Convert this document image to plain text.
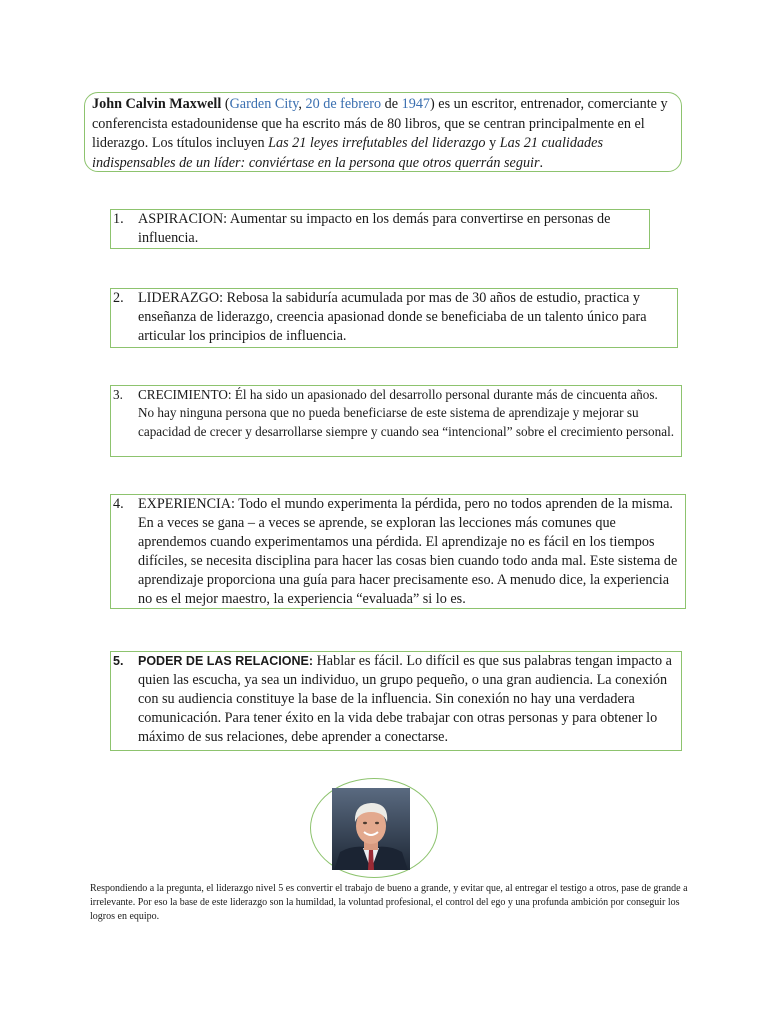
John Calvin Maxwell (Garden City, 20 de febrero de 1947) es un escritor, entrenador, comerciante y conferencista estadounidense que ha escrito más de 80 libros, que se centran principalmente en el liderazgo. Los títulos incluyen Las 21 leyes irrefutables del liderazgo y Las 21 cualidades indispensables de un líder: conviértase en la persona que otros querrán seguir.
1. ASPIRACION: Aumentar su impacto en los demás para convertirse en personas de influencia.
2. LIDERAZGO: Rebosa la sabiduría acumulada por mas de 30 años de estudio, practica y enseñanza de liderazgo, creencia apasionad donde se beneficiaba de un talento único para articular los principios de influencia.
3. CRECIMIENTO: Él ha sido un apasionado del desarrollo personal durante más de cincuenta años. No hay ninguna persona que no pueda beneficiarse de este sistema de aprendizaje y mejorar su capacidad de crecer y desarrollarse siempre y cuando sea “intencional” sobre el crecimiento personal.
4. EXPERIENCIA: Todo el mundo experimenta la pérdida, pero no todos aprenden de la misma. En a veces se gana – a veces se aprende, se exploran las lecciones más comunes que aprendemos cuando experimentamos una pérdida. El aprendizaje no es fácil en los tiempos difíciles, se necesita disciplina para hacer las cosas bien cuando todo anda mal. Este sistema de aprendizaje proporciona una guía para hacer precisamente eso. A menudo dice, la experiencia no es el mejor maestro, la experiencia “evaluada” si lo es.
5. PODER DE LAS RELACIONE: Hablar es fácil. Lo difícil es que sus palabras tengan impacto a quien las escucha, ya sea un individuo, un grupo pequeño, o una gran audiencia. La conexión con su audiencia constituye la base de la influencia. Sin conexión no hay una verdadera comunicación. Para tener éxito en la vida debe trabajar con otras personas y para obtener lo máximo de sus relaciones, debe aprender a conectarse.
Respondiendo a la pregunta, el liderazgo nivel 5 es convertir el trabajo de bueno a grande, y evitar que, al entregar el testigo a otros, pase de grande a irrelevante. Por eso la base de este liderazgo son la humildad, la voluntad profesional, el control del ego y una profunda ambición por conseguir los logros en equipo.
